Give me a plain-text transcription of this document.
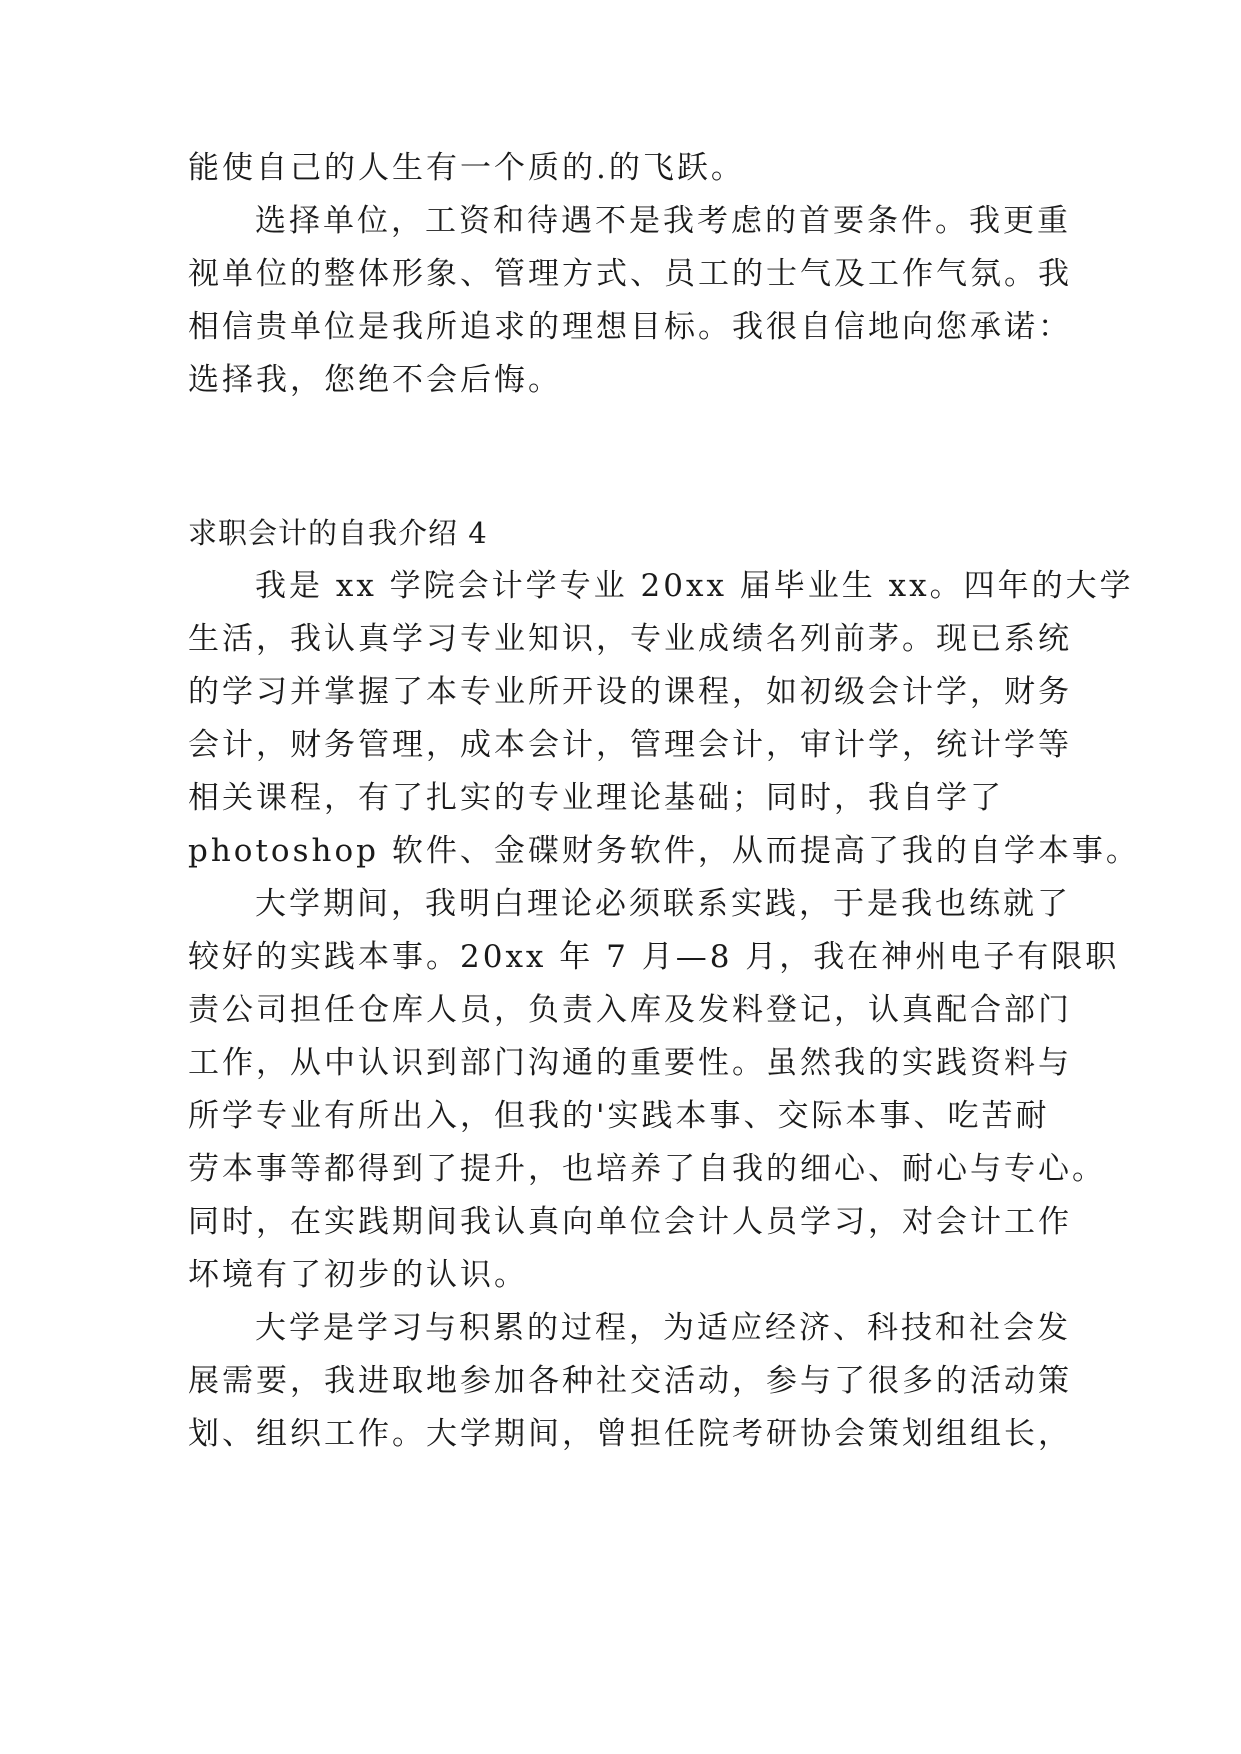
能使自己的人生有一个质的.的飞跃。
选择单位，工资和待遇不是我考虑的首要条件。我更重
视单位的整体形象、管理方式、员工的士气及工作气氛。我
相信贵单位是我所追求的理想目标。我很自信地向您承诺：
选择我，您绝不会后悔。
求职会计的自我介绍 4
我是 xx 学院会计学专业 20xx 届毕业生 xx。四年的大学
生活，我认真学习专业知识，专业成绩名列前茅。现已系统
的学习并掌握了本专业所开设的课程，如初级会计学，财务
会计，财务管理，成本会计，管理会计，审计学，统计学等
相关课程，有了扎实的专业理论基础；同时，我自学了
photoshop 软件、金碟财务软件，从而提高了我的自学本事。
大学期间，我明白理论必须联系实践，于是我也练就了
较好的实践本事。20xx 年 7 月—8 月，我在神州电子有限职
责公司担任仓库人员，负责入库及发料登记，认真配合部门
工作，从中认识到部门沟通的重要性。虽然我的实践资料与
所学专业有所出入，但我的'实践本事、交际本事、吃苦耐
劳本事等都得到了提升，也培养了自我的细心、耐心与专心。
同时，在实践期间我认真向单位会计人员学习，对会计工作
坏境有了初步的认识。
大学是学习与积累的过程，为适应经济、科技和社会发
展需要，我进取地参加各种社交活动，参与了很多的活动策
划、组织工作。大学期间，曾担任院考研协会策划组组长，
